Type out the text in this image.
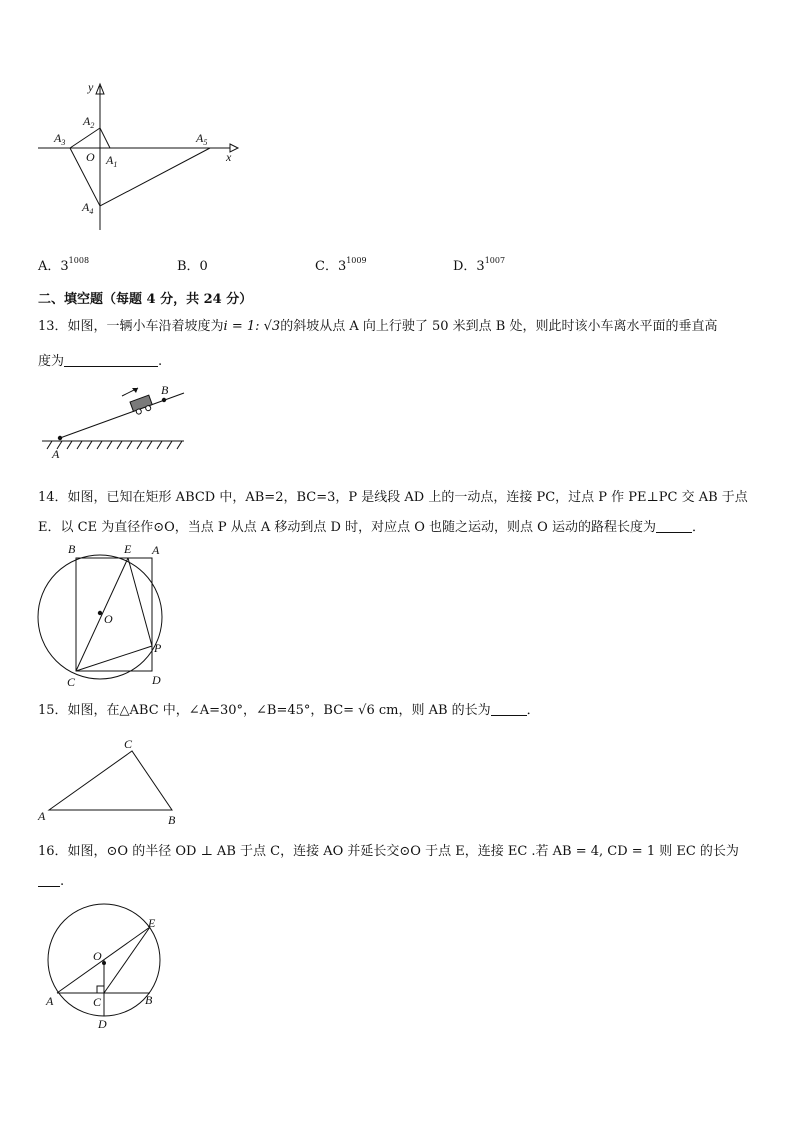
y
x
O $A_1$
$A_2$
$A_3$
$A_4$
$A_5$
A．$3^{1008}$	B．0	C．$3^{1009}$	D．$3^{1007}$
二、填空题（每题 4 分，共 24 分）
13．如图，一辆小车沿着坡度为i = 1: √3的斜坡从点 A 向上行驶了 50 米到点 B 处，则此时该小车离水平面的垂直高
度为	.
B
A
14．如图，已知在矩形 ABCD 中，AB=2，BC=3，P 是线段 AD 上的一动点，连接 PC，过点 P 作 PE⊥PC 交 AB 于点
E．以 CE 为直径作⊙O，当点 P 从点 A 移动到点 D 时，对应点 O 也随之运动，则点 O 运动的路程长度为	．
B	E A
O
P
C	D
15．如图，在△ABC 中，∠A=30°，∠B=45°，BC= √6 cm，则 AB 的长为	．
C
A	B
16．如图，⊙O 的半径 OD ⊥ AB 于点 C，连接 AO 并延长交⊙O 于点 E，连接 EC .若 AB = 4, CD = 1 则 EC 的长为
.
E
O
A	C	B
D
